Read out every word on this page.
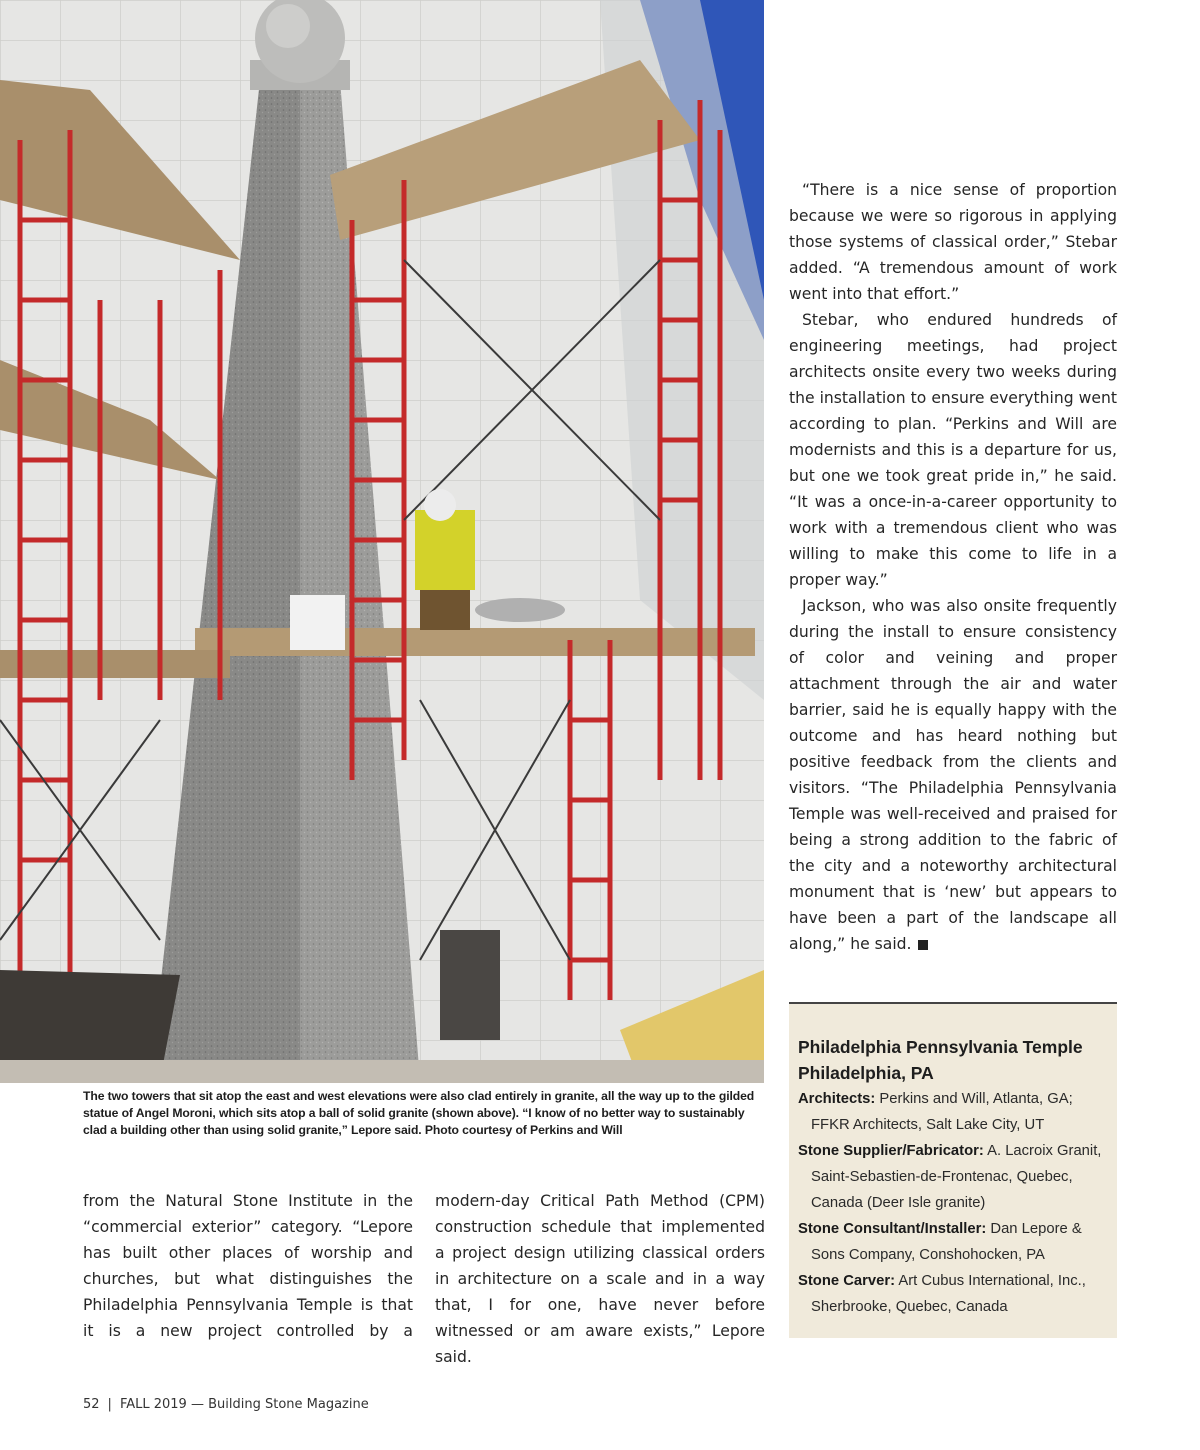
The two towers that sit atop the east and west elevations were also clad entirely in granite, all the way up to the gilded statue of Angel Moroni, which sits atop a ball of solid granite (shown above). “I know of no better way to sustainably clad a building other than using solid granite,” Lepore said. Photo courtesy of Perkins and Will

“There is a nice sense of proportion because we were so rigorous in applying those systems of classical order,” Stebar added. “A tremendous amount of work went into that effort.”

Stebar, who endured hundreds of engineering meetings, had project architects onsite every two weeks during the installation to ensure everything went according to plan. “Perkins and Will are modernists and this is a departure for us, but one we took great pride in,” he said. “It was a once-in-a-career opportunity to work with a tremendous client who was willing to make this come to life in a proper way.”

Jackson, who was also onsite frequently during the install to ensure consistency of color and veining and proper attachment through the air and water barrier, said he is equally happy with the outcome and has heard nothing but positive feedback from the clients and visitors. “The Philadelphia Pennsylvania Temple was well-received and praised for being a strong addition to the fabric of the city and a noteworthy architectural monument that is ‘new’ but appears to have been a part of the landscape all along,” he said.

from the Natural Stone Institute in the “commercial exterior” category. “Lepore has built other places of worship and churches, but what distinguishes the Philadelphia Pennsylvania Temple is that it is a new project controlled by a

modern-day Critical Path Method (CPM) construction schedule that implemented a project design utilizing classical orders in architecture on a scale and in a way that, I for one, have never before witnessed or am aware exists,” Lepore said.

Philadelphia Pennsylvania Temple
Philadelphia, PA
Architects: Perkins and Will, Atlanta, GA; FFKR Architects, Salt Lake City, UT
Stone Supplier/Fabricator: A. Lacroix Granit, Saint-Sebastien-de-Frontenac, Quebec, Canada (Deer Isle granite)
Stone Consultant/Installer: Dan Lepore & Sons Company, Conshohocken, PA
Stone Carver: Art Cubus International, Inc., Sherbrooke, Quebec, Canada
52 | FALL 2019 — Building Stone Magazine
